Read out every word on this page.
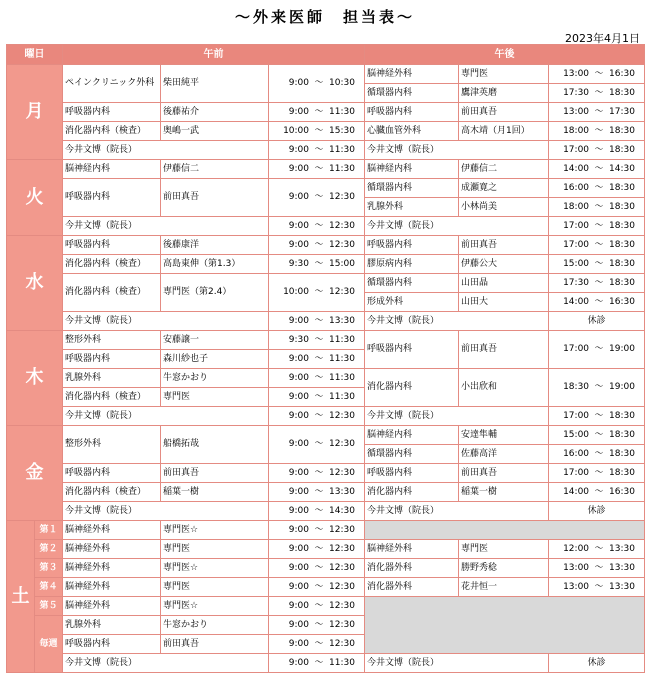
～外来医師　担当表～
2023年4月1日
曜日		午前			午後		
月		ペインクリニック外科	柴田純平	9:00 ～ 10:30	脳神経外科	専門医	13:00 ～ 16:30
					循環器内科	鷹津英磨	17:30 ～ 18:30
		呼吸器内科	後藤祐介	9:00 ～ 11:30	呼吸器内科	前田真吾	13:00 ～ 17:30
		消化器内科（検査）	奥嶋一武	10:00 ～ 15:30	心臓血管外科	高木靖（月1回）	18:00 ～ 18:30
		今井文博（院長）		9:00 ～ 11:30	今井文博（院長）		17:00 ～ 18:30
火		脳神経内科	伊藤信二	9:00 ～ 11:30	脳神経内科	伊藤信二	14:00 ～ 14:30
		呼吸器内科	前田真吾	9:00 ～ 12:30	循環器内科	成瀬寛之	16:00 ～ 18:30
					乳腺外科	小林尚美	18:00 ～ 18:30
		今井文博（院長）		9:00 ～ 12:30	今井文博（院長）		17:00 ～ 18:30
水		呼吸器内科	後藤康洋	9:00 ～ 12:30	呼吸器内科	前田真吾	17:00 ～ 18:30
		消化器内科（検査）	高島東伸（第1.3）	9:30 ～ 15:00	膠原病内科	伊藤公大	15:00 ～ 18:30
		消化器内科（検査）	専門医（第2.4）	10:00 ～ 12:30	循環器内科	山田晶	17:30 ～ 18:30
					形成外科	山田大	14:00 ～ 16:30
		今井文博（院長）		9:00 ～ 13:30	今井文博（院長）		休診
木		整形外科	安藤譲一	9:30 ～ 11:30	呼吸器内科	前田真吾	17:00 ～ 19:00
		呼吸器内科	森川紗也子	9:00 ～ 11:30			
		乳腺外科	牛窓かおり	9:00 ～ 11:30	消化器内科	小出欣和	18:30 ～ 19:00
		消化器内科（検査）	専門医	9:00 ～ 11:30			
		今井文博（院長）		9:00 ～ 12:30	今井文博（院長）		17:00 ～ 18:30
金		整形外科	船橋拓哉	9:00 ～ 12:30	脳神経内科	安達隼輔	15:00 ～ 18:30
					循環器内科	佐藤高洋	16:00 ～ 18:30
		呼吸器内科	前田真吾	9:00 ～ 12:30	呼吸器内科	前田真吾	17:00 ～ 18:30
		消化器内科（検査）	稲葉一樹	9:00 ～ 13:30	消化器内科	稲葉一樹	14:00 ～ 16:30
		今井文博（院長）		9:00 ～ 14:30	今井文博（院長）		休診
土	第１	脳神経外科	専門医☆	9:00 ～ 12:30			
	第２	脳神経外科	専門医	9:00 ～ 12:30	脳神経外科	専門医	12:00 ～ 13:30
	第３	脳神経外科	専門医☆	9:00 ～ 12:30	消化器外科	勝野秀稔	13:00 ～ 13:30
	第４	脳神経外科	専門医	9:00 ～ 12:30	消化器外科	花井恒一	13:00 ～ 13:30
	第５	脳神経外科	専門医☆	9:00 ～ 12:30			
	毎週	乳腺外科	牛窓かおり	9:00 ～ 12:30			
		呼吸器内科	前田真吾	9:00 ～ 12:30			
		今井文博（院長）		9:00 ～ 11:30	今井文博（院長）		休診
